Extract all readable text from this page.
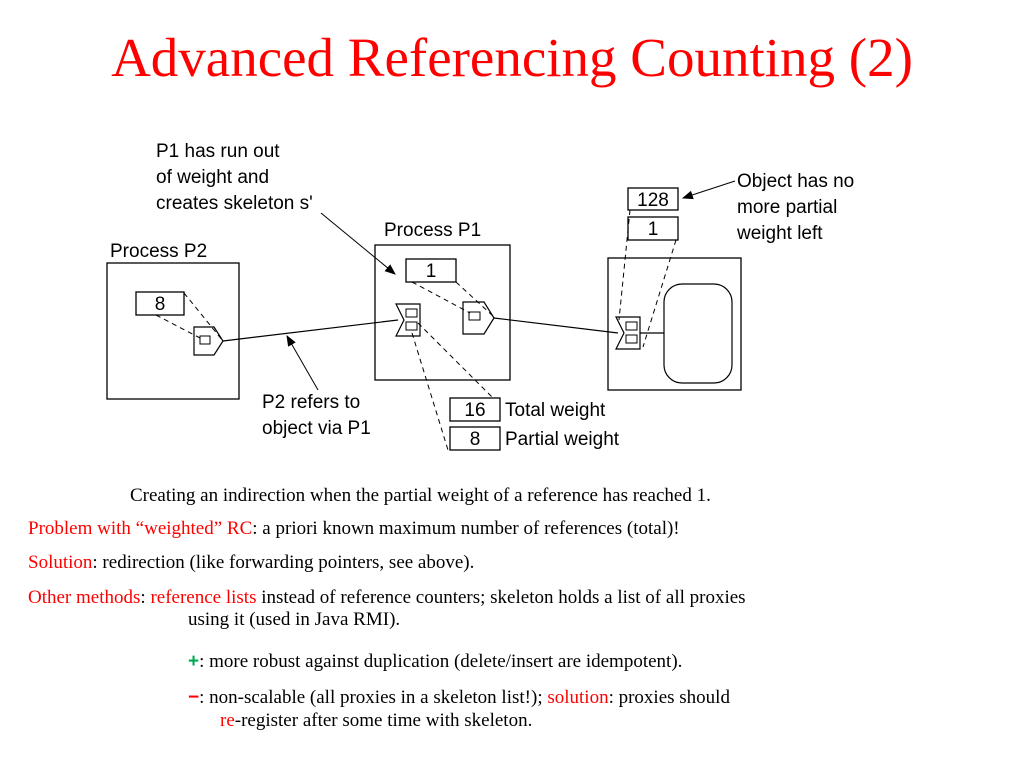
Advanced Referencing Counting (2)
Process P2
8
Process P1
1
128
1
16 Total weight
8 Partial weight
P1 has run out
of weight and
creates skeleton s'
Object has no
more partial
weight left
P2 refers to
object via P1
Creating an indirection when the partial weight of a reference has reached 1.
Problem with “weighted” RC: a priori known maximum number of references (total)!
Solution: redirection (like forwarding pointers, see above).
Other methods: reference lists instead of reference counters; skeleton holds a list of all proxies
using it (used in Java RMI).
+: more robust against duplication (delete/insert are idempotent).
−: non-scalable (all proxies in a skeleton list!); solution: proxies should
re-register after some time with skeleton.
